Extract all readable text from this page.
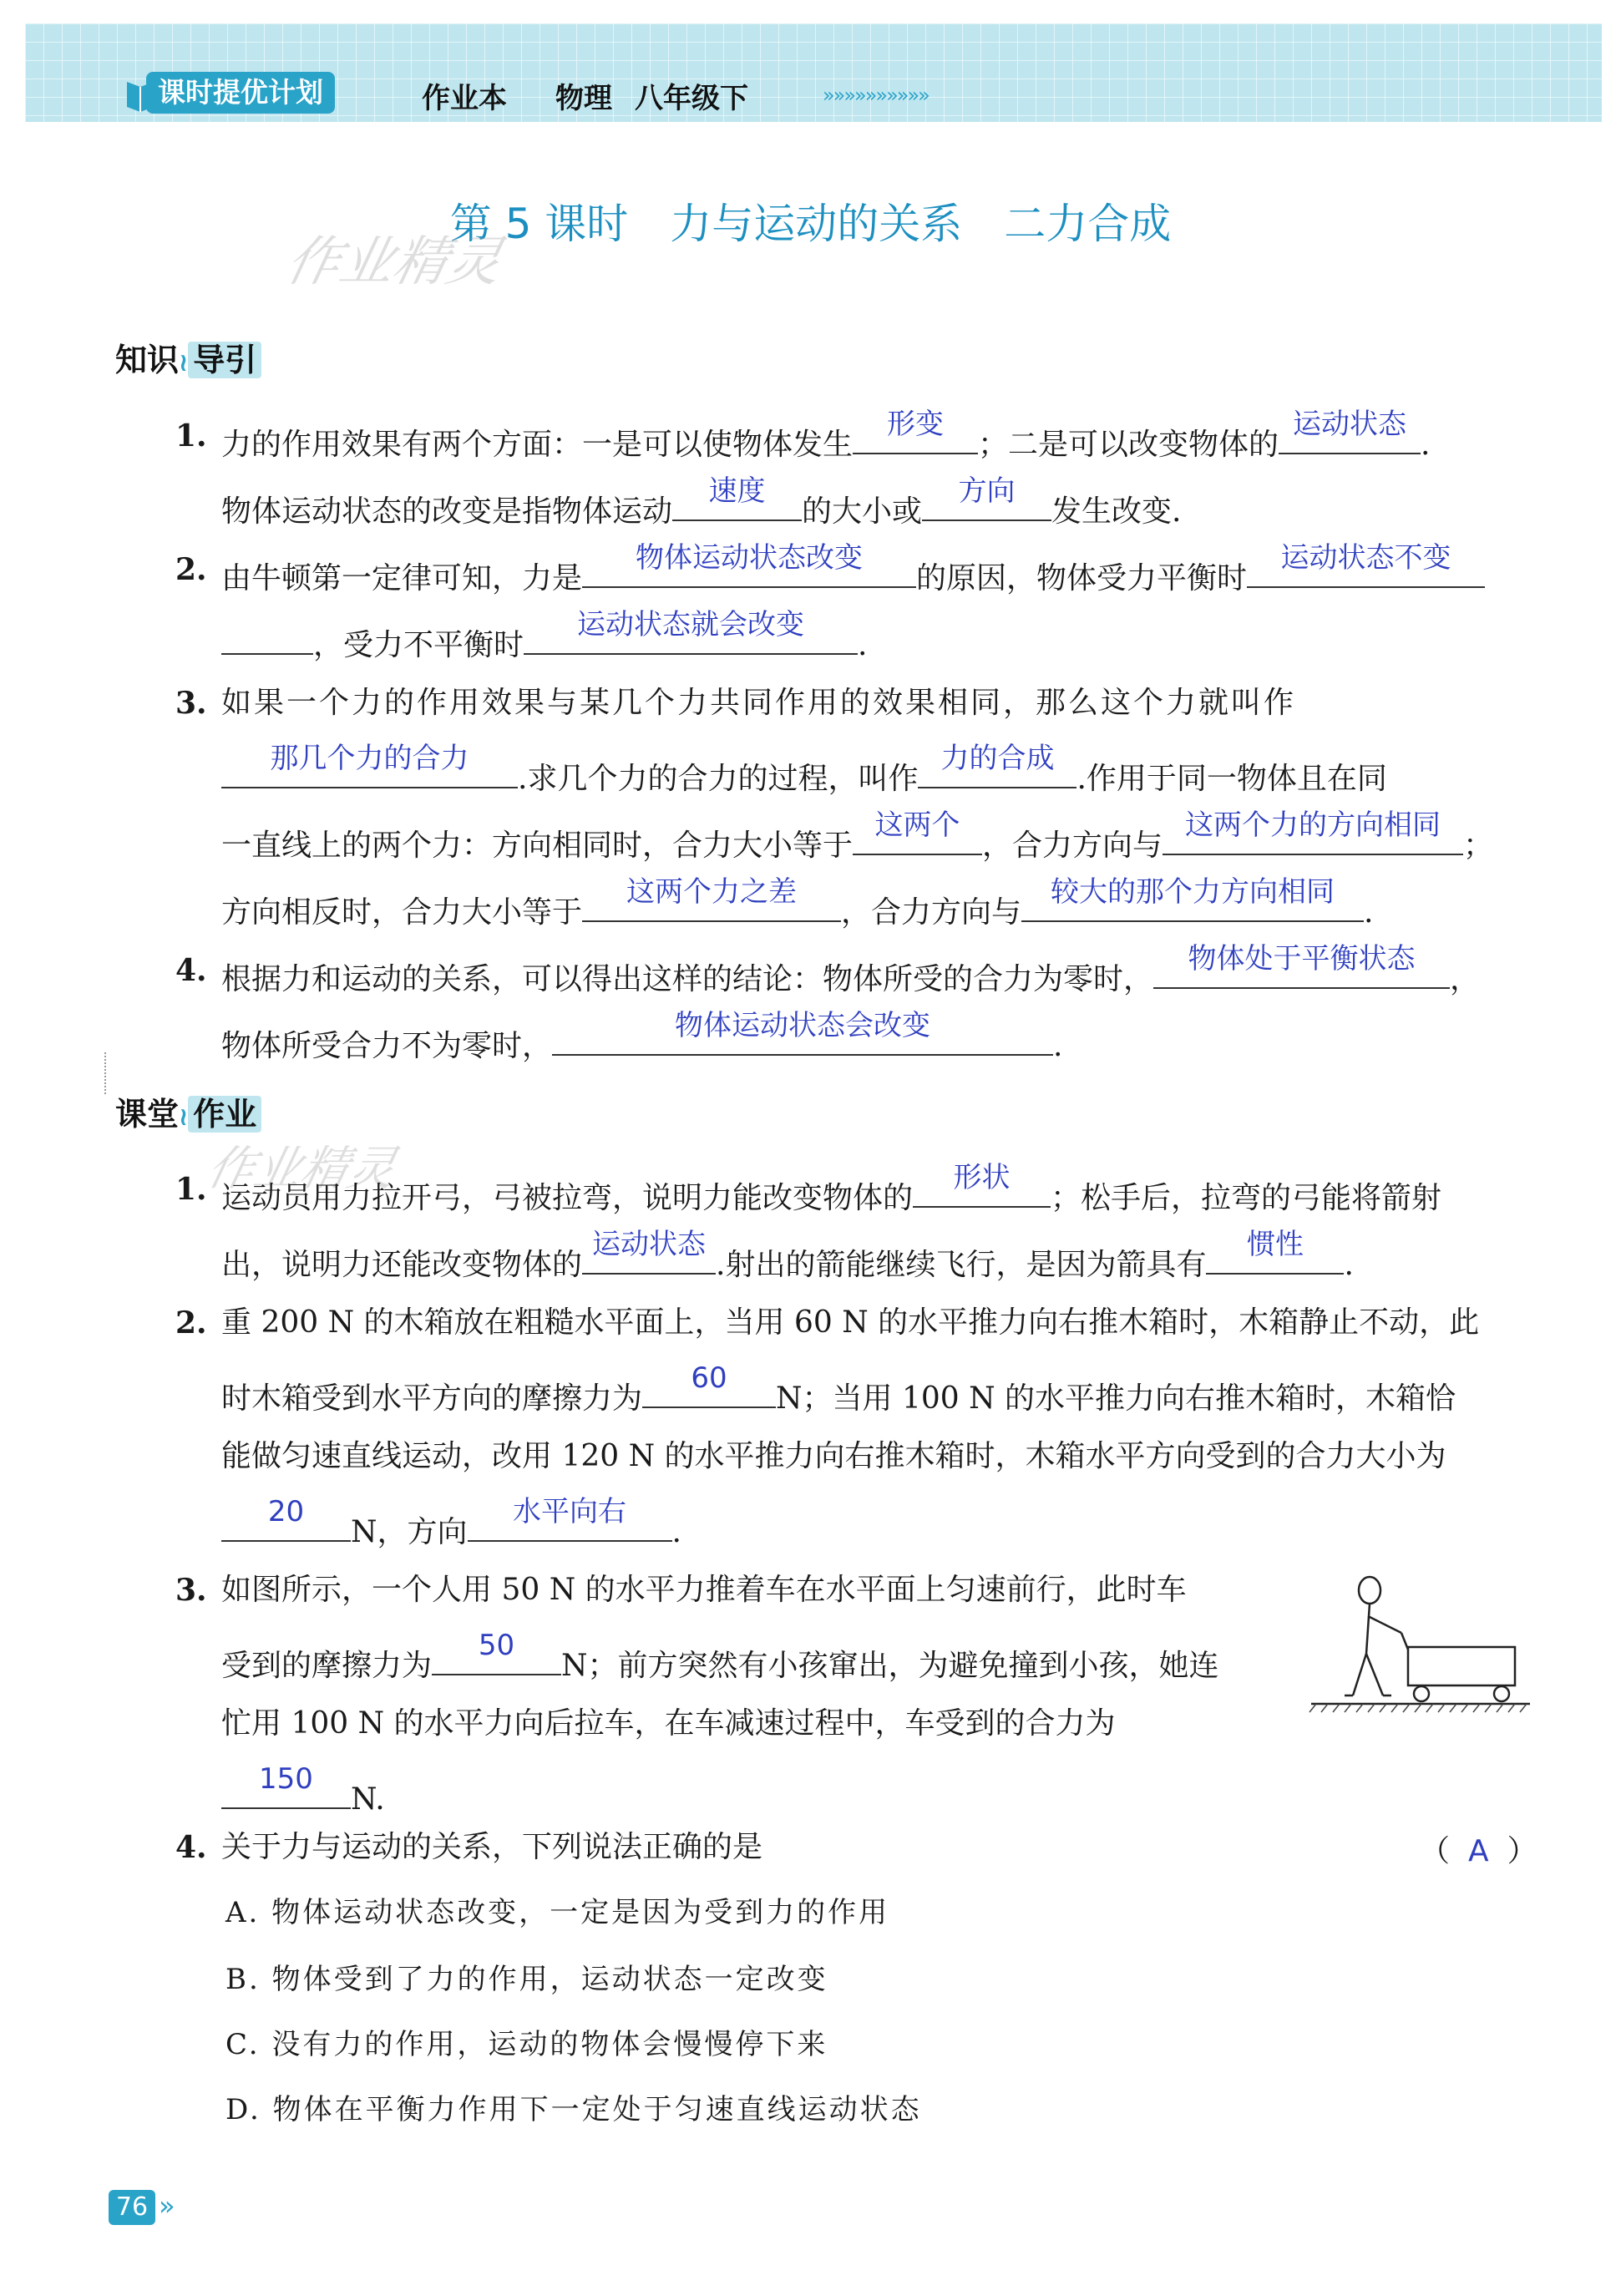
课时提优计划	作业本 物理 八年级下	»»»»»»»»»»
第 5 课时　力与运动的关系　二力合成
作业精灵
知识≀ 导引
1. 力的作用效果有两个方面：一是可以使物体发生
形变
；二是可以改变物体的
运动状态
.
物体运动状态的改变是指物体运动
速度
的大小或
方向
发生改变.
2. 由牛顿第一定律可知，力是
物体运动状态改变
的原因，物体受力平衡时
运动状态不变
，受力不平衡时
运动状态就会改变
.
3. 如果一个力的作用效果与某几个力共同作用的效果相同，那么这个力就叫作
那几个力的合力
.求几个力的合力的过程，叫作
力的合成
.作用于同一物体且在同
一直线上的两个力：方向相同时，合力大小等于
这两个
，合力方向与
这两个力的方向相同
；
方向相反时，合力大小等于
这两个力之差
，合力方向与
较大的那个力方向相同
.
4. 根据力和运动的关系，可以得出这样的结论：物体所受的合力为零时，
物体处于平衡状态
，
物体所受合力不为零时，
物体运动状态会改变
.
课堂≀ 作业
作业精灵
1. 运动员用力拉开弓，弓被拉弯，说明力能改变物体的
形状
；松手后，拉弯的弓能将箭射
出，说明力还能改变物体的
运动状态
.射出的箭能继续飞行，是因为箭具有
惯性
.
2. 重 200 N 的木箱放在粗糙水平面上，当用 60 N 的水平推力向右推木箱时，木箱静止不动，此
时木箱受到水平方向的摩擦力为
60
N；当用 100 N 的水平推力向右推木箱时，木箱恰
能做匀速直线运动，改用 120 N 的水平推力向右推木箱时，木箱水平方向受到的合力大小为
20
N，方向
水平向右
.
3. 如图所示，一个人用 50 N 的水平力推着车在水平面上匀速前行，此时车
受到的摩擦力为
50
N；前方突然有小孩窜出，为避免撞到小孩，她连
忙用 100 N 的水平力向后拉车，在车减速过程中，车受到的合力为
150
N.
4. 关于力与运动的关系，下列说法正确的是	（ A ）
A. 物体运动状态改变，一定是因为受到力的作用
B. 物体受到了力的作用，运动状态一定改变
C. 没有力的作用，运动的物体会慢慢停下来
D. 物体在平衡力作用下一定处于匀速直线运动状态
76 »
